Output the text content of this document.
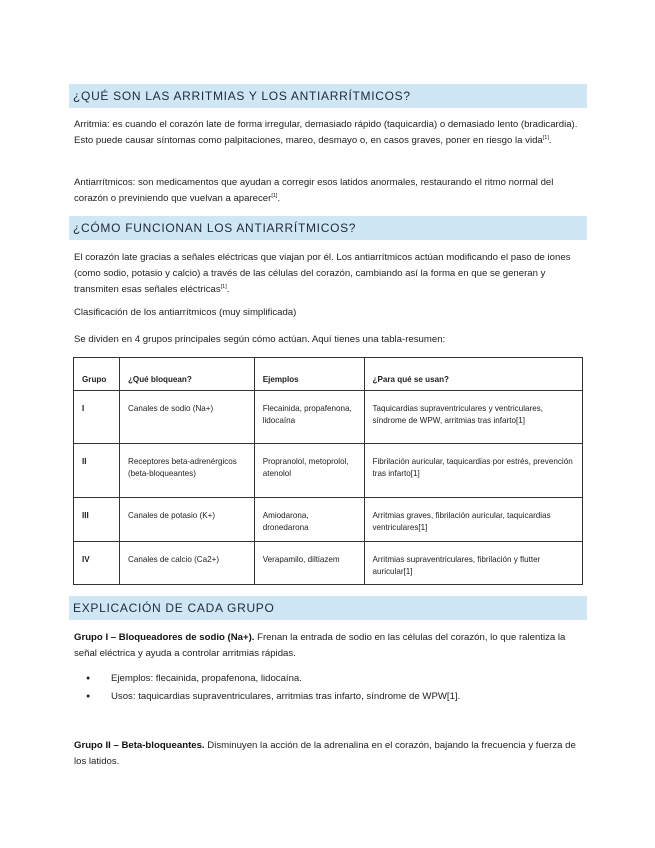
¿QUÉ SON LAS ARRITMIAS Y LOS ANTIARRÍTMICOS?

Arritmia: es cuando el corazón late de forma irregular, demasiado rápido (taquicardia) o demasiado lento (bradicardia). Esto puede causar síntomas como palpitaciones, mareo, desmayo o, en casos graves, poner en riesgo la vida[1].

Antiarrítmicos: son medicamentos que ayudan a corregir esos latidos anormales, restaurando el ritmo normal del corazón o previniendo que vuelvan a aparecer[1].

¿CÓMO FUNCIONAN LOS ANTIARRÍTMICOS?

El corazón late gracias a señales eléctricas que viajan por él. Los antiarrítmicos actúan modificando el paso de iones (como sodio, potasio y calcio) a través de las células del corazón, cambiando así la forma en que se generan y transmiten esas señales eléctricas[1].

Clasificación de los antiarrítmicos (muy simplificada)

Se dividen en 4 grupos principales según cómo actúan. Aquí tienes una tabla-resumen:

Grupo	¿Qué bloquean?	Ejemplos	¿Para qué se usan?
I	Canales de sodio (Na+)	Flecainida, propafenona, lidocaína	Taquicardias supraventriculares y ventriculares, síndrome de WPW, arritmias tras infarto[1]
II	Receptores beta-adrenérgicos (beta-bloqueantes)	Propranolol, metoprolol, atenolol	Fibrilación auricular, taquicardias por estrés, prevención tras infarto[1]
III	Canales de potasio (K+)	Amiodarona, dronedarona	Arritmias graves, fibrilación auricular, taquicardias ventriculares[1]
IV	Canales de calcio (Ca2+)	Verapamilo, diltiazem	Arritmias supraventriculares, fibrilación y flutter auricular[1]
EXPLICACIÓN DE CADA GRUPO

Grupo I – Bloqueadores de sodio (Na+). Frenan la entrada de sodio en las células del corazón, lo que ralentiza la señal eléctrica y ayuda a controlar arritmias rápidas.

● Ejemplos: flecainida, propafenona, lidocaína.
● Usos: taquicardias supraventriculares, arritmias tras infarto, síndrome de WPW[1].

Grupo II – Beta-bloqueantes. Disminuyen la acción de la adrenalina en el corazón, bajando la frecuencia y fuerza de los latidos.
